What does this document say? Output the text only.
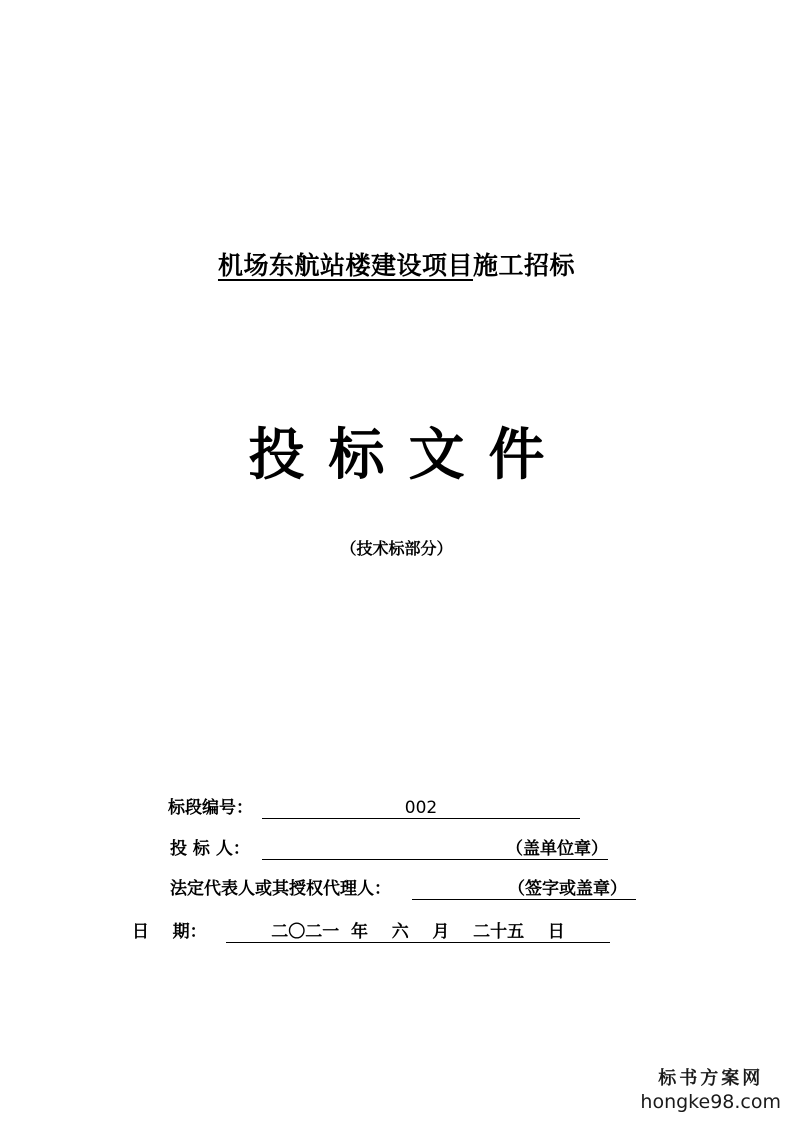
机场东航站楼建设项目施工招标
投标文件
（技术标部分）
标段编号：	002
投 标 人：	（盖单位章）
法定代表人或其授权代理人：	（签字或盖章）
日    期：	二〇二一  年    六    月    二十五    日
标书方案网
hongke98.com
